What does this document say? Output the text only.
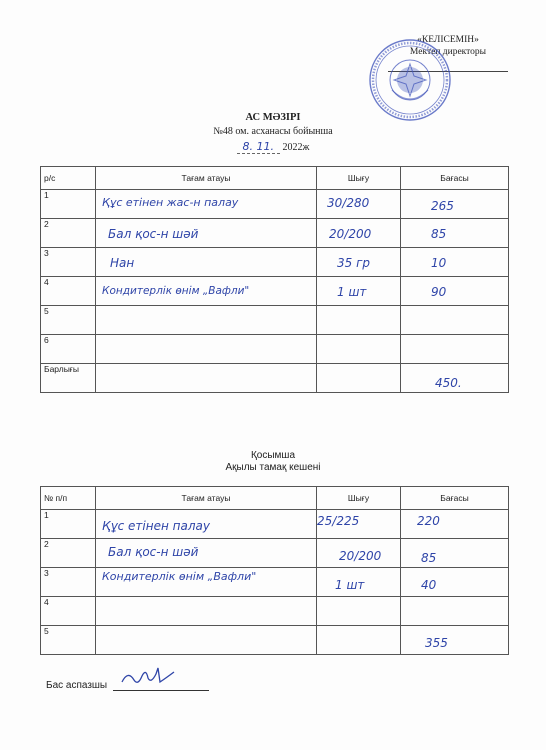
«КЕЛІСЕМІН»
Мектеп директоры
АС МӘЗІРІ
№48 ом. асханасы бойынша
8. 11. 2022ж
р/с	Тағам атауы	Шығу	Бағасы
1	Құс етінен жас-н палау	30/280	265

2	Бал қос-н шәй	20/200	85

3	Нан	35 гр	10

4	Кондитерлік өнім „Вафли"	1 шт	90

5			
6			
Барлығы			450.
Қосымша
Ақылы тамақ кешені
№ п/п	Тағам атауы	Шығу	Бағасы
1	Құс етінен палау	25/225	220

2	Бал қос-н шәй	20/200	85

3	Кондитерлік өнім „Вафли"	1 шт	40

4			
5			355
Бас аспазшы
